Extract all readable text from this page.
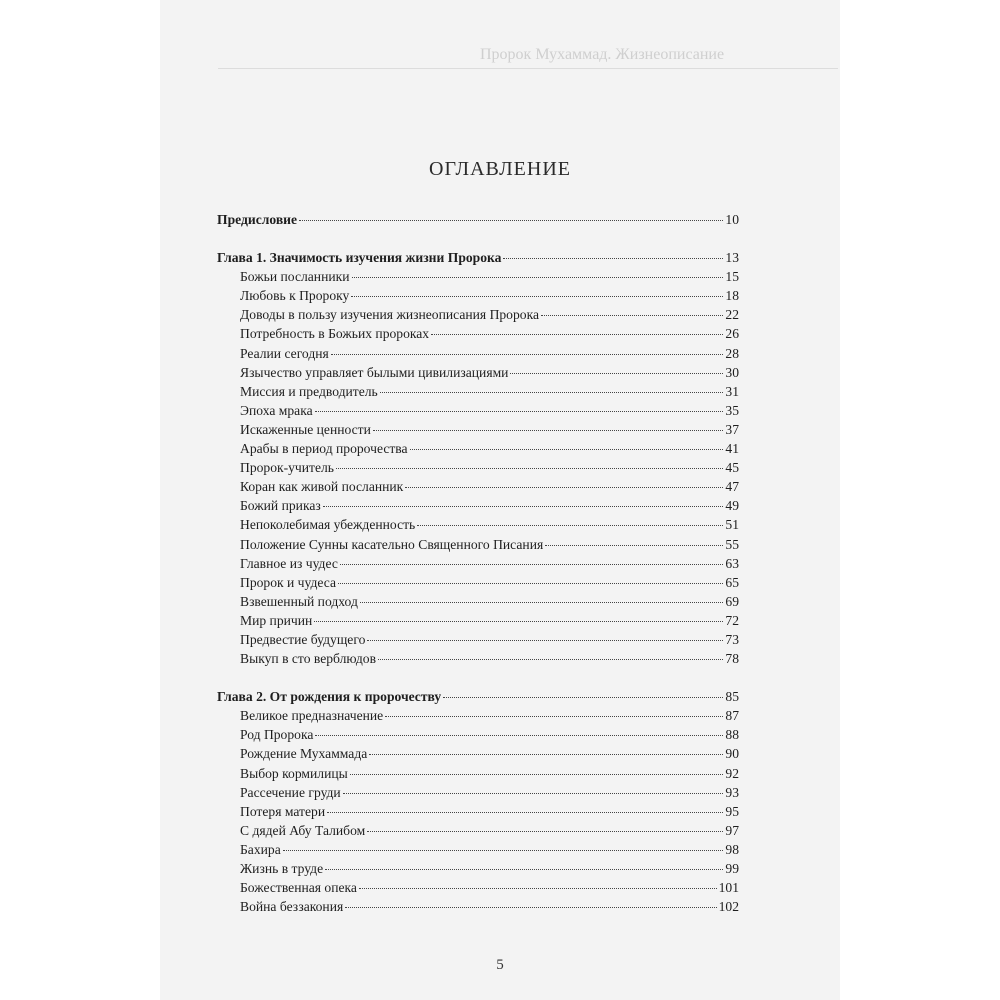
Пророк Мухаммад. Жизнеописание
ОГЛАВЛЕНИЕ
Предисловие	10
Глава 1. Значимость изучения жизни Пророка	13
Божьи посланники	15
Любовь к Пророку	18
Доводы в пользу изучения жизнеописания Пророка	22
Потребность в Божьих пророках	26
Реалии сегодня	28
Язычество управляет былыми цивилизациями	30
Миссия и предводитель	31
Эпоха мрака	35
Искаженные ценности	37
Арабы в период пророчества	41
Пророк-учитель	45
Коран как живой посланник	47
Божий приказ	49
Непоколебимая убежденность	51
Положение Сунны касательно Священного Писания	55
Главное из чудес	63
Пророк и чудеса	65
Взвешенный подход	69
Мир причин	72
Предвестие будущего	73
Выкуп в сто верблюдов	78
Глава 2. От рождения к пророчеству	85
Великое предназначение	87
Род Пророка	88
Рождение Мухаммада	90
Выбор кормилицы	92
Рассечение груди	93
Потеря матери	95
С дядей Абу Талибом	97
Бахира	98
Жизнь в труде	99
Божественная опека	101
Война беззакония	102
5
